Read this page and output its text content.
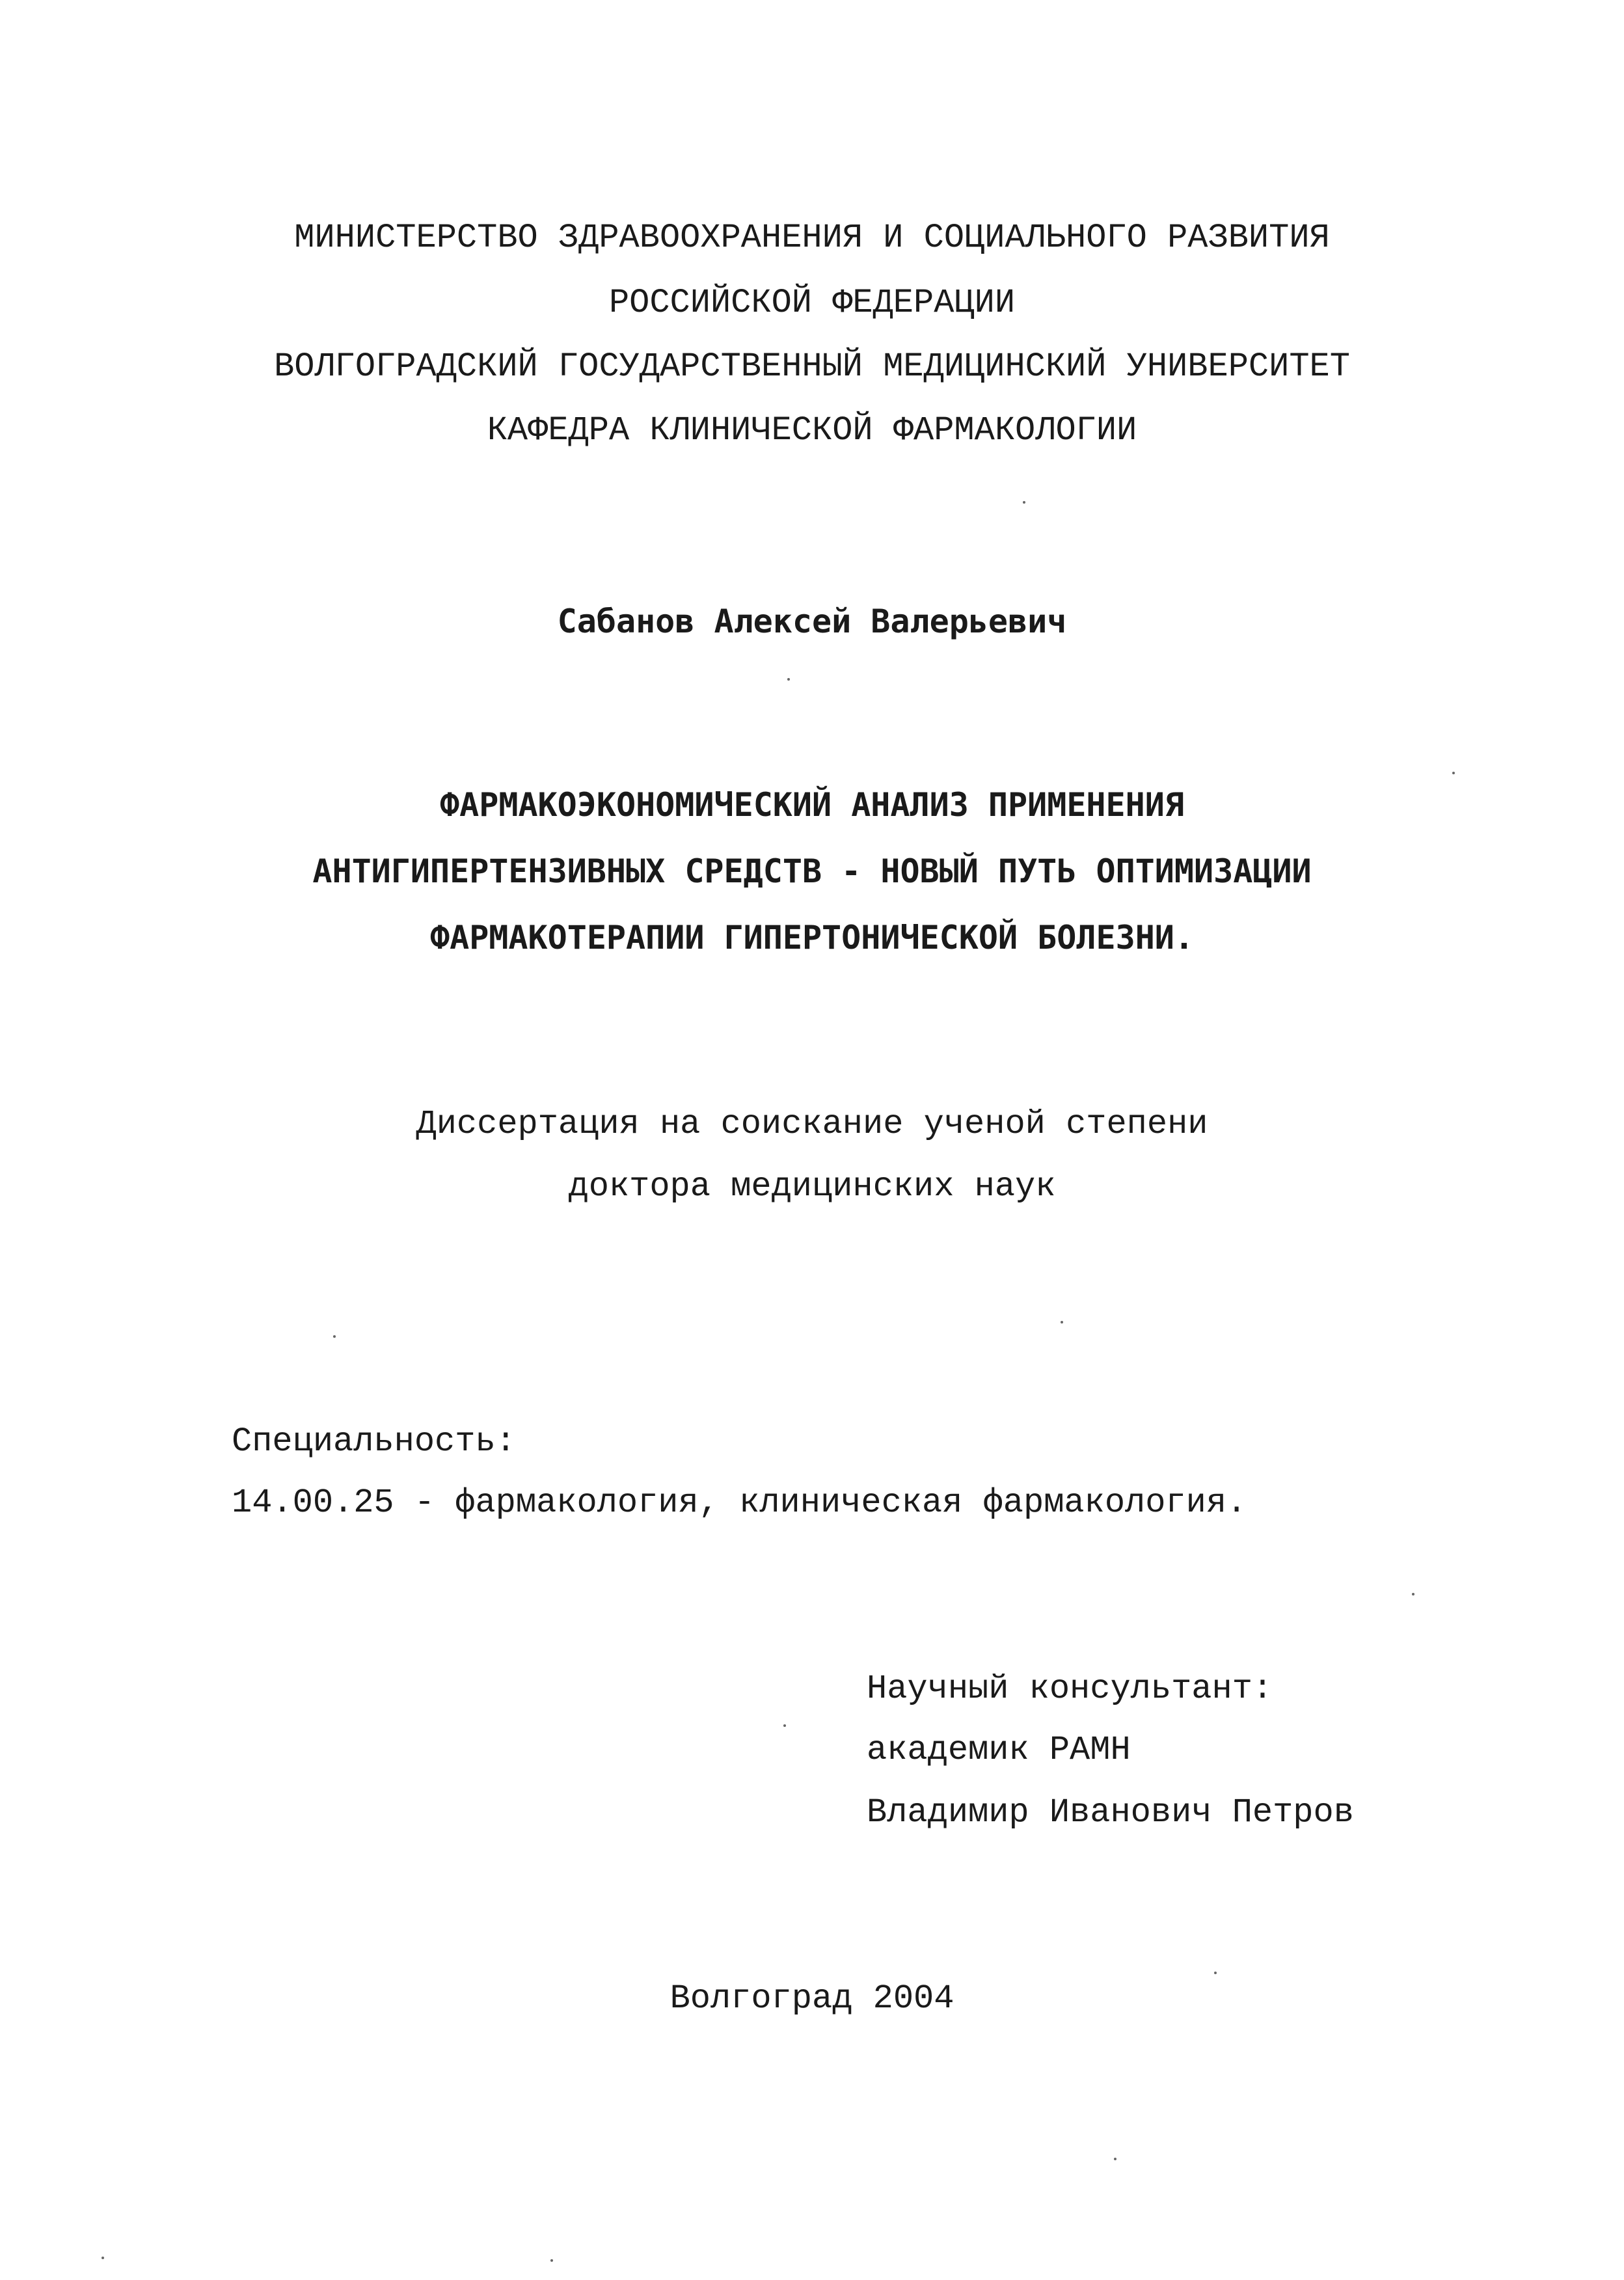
МИНИСТЕРСТВО ЗДРАВООХРАНЕНИЯ И СОЦИАЛЬНОГО РАЗВИТИЯ
РОССИЙСКОЙ ФЕДЕРАЦИИ
ВОЛГОГРАДСКИЙ ГОСУДАРСТВЕННЫЙ МЕДИЦИНСКИЙ УНИВЕРСИТЕТ
КАФЕДРА КЛИНИЧЕСКОЙ ФАРМАКОЛОГИИ
Сабанов Алексей Валерьевич
ФАРМАКОЭКОНОМИЧЕСКИЙ АНАЛИЗ ПРИМЕНЕНИЯ
АНТИГИПЕРТЕНЗИВНЫХ СРЕДСТВ - НОВЫЙ ПУТЬ ОПТИМИЗАЦИИ
ФАРМАКОТЕРАПИИ ГИПЕРТОНИЧЕСКОЙ БОЛЕЗНИ.
Диссертация на соискание ученой степени
доктора медицинских наук
Специальность:
14.00.25 - фармакология, клиническая фармакология.
Научный консультант:
академик РАМН
Владимир Иванович Петров
Волгоград 2004
